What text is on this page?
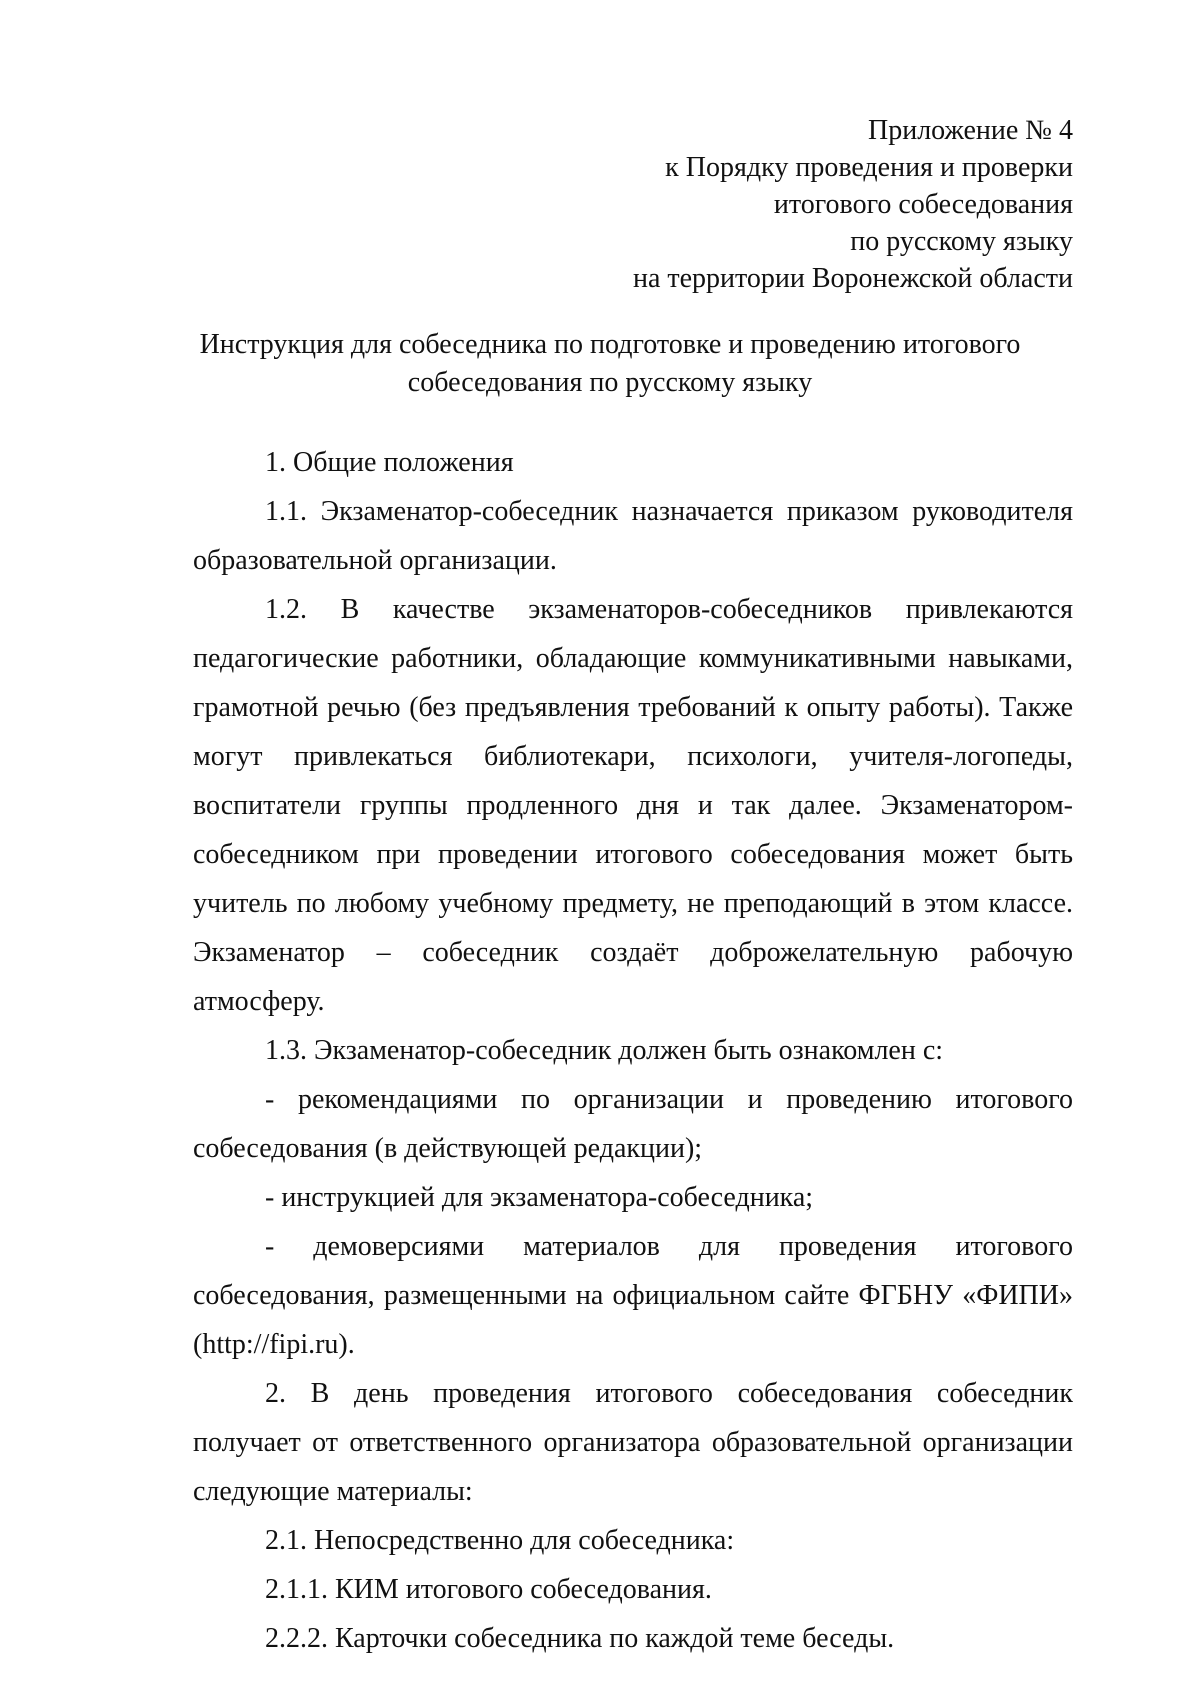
Приложение № 4
к Порядку проведения и проверки
итогового собеседования
по русскому языку
на территории Воронежской области
Инструкция для собеседника по подготовке и проведению итогового
собеседования по русскому языку

1. Общие положения

1.1. Экзаменатор-собеседник назначается приказом руководителя образовательной организации.

1.2. В качестве экзаменаторов-собеседников привлекаются педагогические работники, обладающие коммуникативными навыками, грамотной речью (без предъявления требований к опыту работы). Также могут привлекаться библиотекари, психологи, учителя-логопеды, воспитатели группы продленного дня и так далее. Экзаменатором-собеседником при проведении итогового собеседования может быть учитель по любому учебному предмету, не преподающий в этом классе. Экзаменатор – собеседник создаёт доброжелательную рабочую атмосферу.

1.3. Экзаменатор-собеседник должен быть ознакомлен с:

- рекомендациями по организации и проведению итогового собеседования (в действующей редакции);

- инструкцией для экзаменатора-собеседника;

- демоверсиями материалов для проведения итогового собеседования, размещенными на официальном сайте ФГБНУ «ФИПИ» (http://fipi.ru).

2. В день проведения итогового собеседования собеседник получает от ответственного организатора образовательной организации следующие материалы:

2.1. Непосредственно для собеседника:

2.1.1. КИМ итогового собеседования.

2.2.2. Карточки собеседника по каждой теме беседы.
